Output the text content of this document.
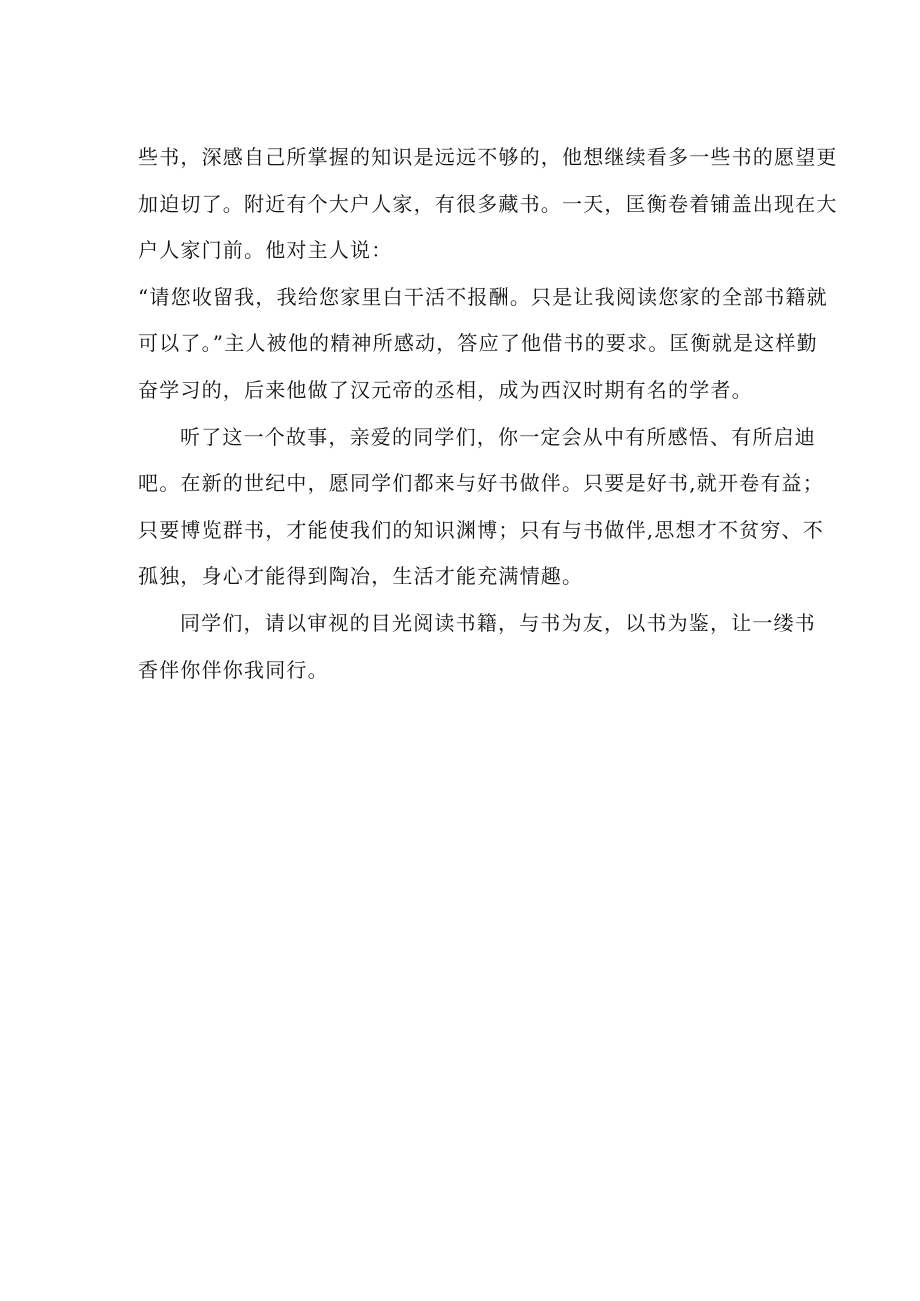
些书，深感自己所掌握的知识是远远不够的，他想继续看多一些书的愿望更
加迫切了。附近有个大户人家，有很多藏书。一天，匡衡卷着铺盖出现在大
户人家门前。他对主人说：
“请您收留我，我给您家里白干活不报酬。只是让我阅读您家的全部书籍就
可以了。”主人被他的精神所感动，答应了他借书的要求。匡衡就是这样勤
奋学习的，后来他做了汉元帝的丞相，成为西汉时期有名的学者。
听了这一个故事，亲爱的同学们，你一定会从中有所感悟、有所启迪
吧。在新的世纪中，愿同学们都来与好书做伴。只要是好书,就开卷有益；
只要博览群书，才能使我们的知识渊博；只有与书做伴,思想才不贫穷、不
孤独，身心才能得到陶冶，生活才能充满情趣。
同学们，请以审视的目光阅读书籍，与书为友，以书为鉴，让一缕书
香伴你伴你我同行。
